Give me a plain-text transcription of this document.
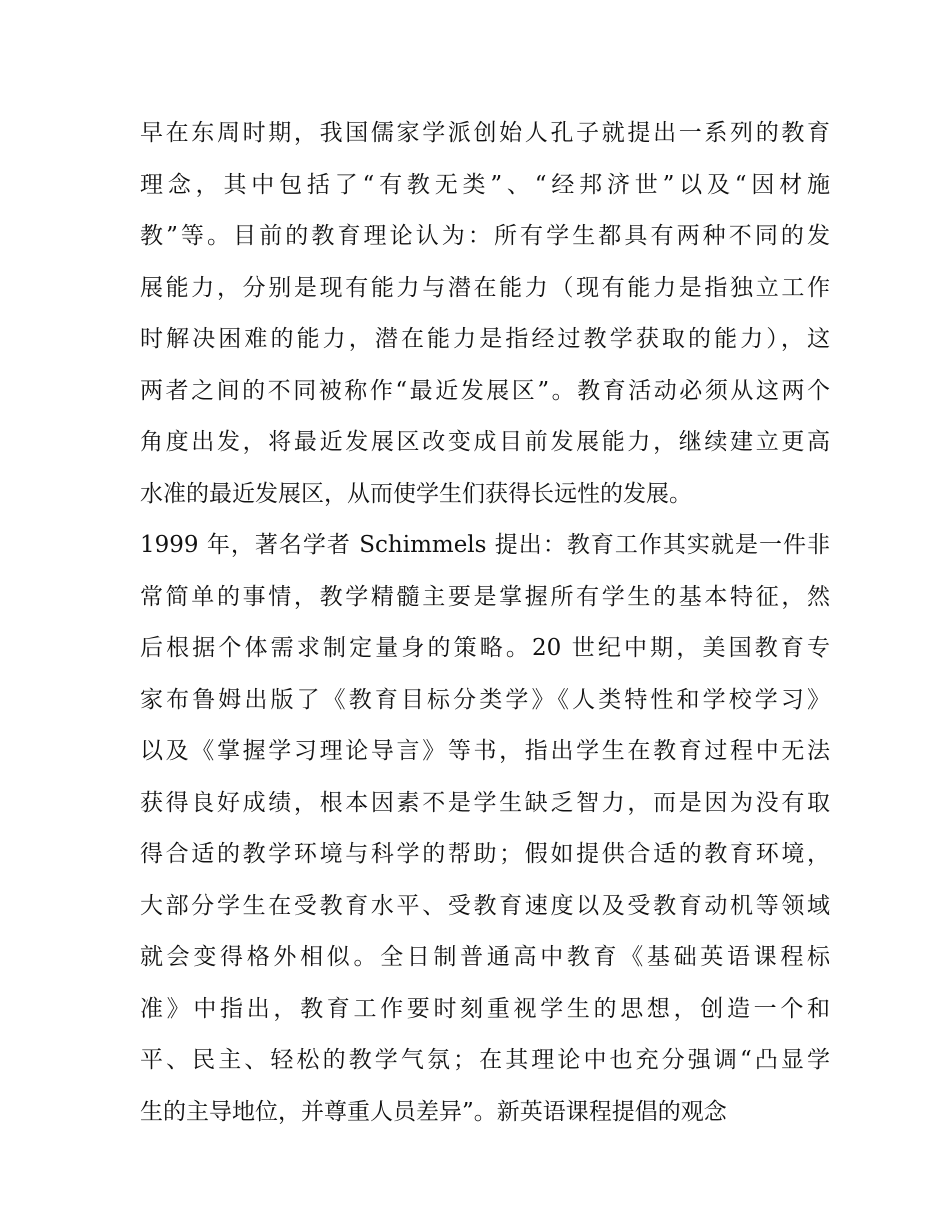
早在东周时期，我国儒家学派创始人孔子就提出一系列的教育
理念，其中包括了“有教无类”、“经邦济世”以及“因材施
教”等。目前的教育理论认为：所有学生都具有两种不同的发
展能力，分别是现有能力与潜在能力（现有能力是指独立工作
时解决困难的能力，潜在能力是指经过教学获取的能力），这
两者之间的不同被称作“最近发展区”。教育活动必须从这两个
角度出发，将最近发展区改变成目前发展能力，继续建立更高
水准的最近发展区，从而使学生们获得长远性的发展。
1999 年，著名学者 Schimmels 提出：教育工作其实就是一件非
常简单的事情，教学精髓主要是掌握所有学生的基本特征，然
后根据个体需求制定量身的策略。20 世纪中期，美国教育专
家布鲁姆出版了《教育目标分类学》《人类特性和学校学习》
以及《掌握学习理论导言》等书，指出学生在教育过程中无法
获得良好成绩，根本因素不是学生缺乏智力，而是因为没有取
得合适的教学环境与科学的帮助；假如提供合适的教育环境，
大部分学生在受教育水平、受教育速度以及受教育动机等领域
就会变得格外相似。全日制普通高中教育《基础英语课程标
准》中指出，教育工作要时刻重视学生的思想，创造一个和
平、民主、轻松的教学气氛；在其理论中也充分强调“凸显学
生的主导地位，并尊重人员差异”。新英语课程提倡的观念
